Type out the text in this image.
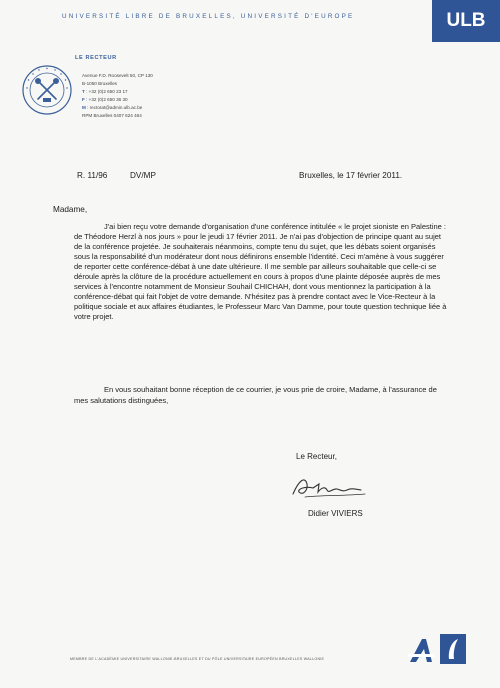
UNIVERSITÉ LIBRE DE BRUXELLES, UNIVERSITÉ D'EUROPE	ULB
LE RECTEUR
Avenue F.D. Roosevelt 50, CP 130
B-1050 Bruxelles
T : +32 (0)2 650 23 17
F : +32 (0)2 650 36 30
M : rectorat@admin.ulb.ac.be
RPM Bruxelles 0407 624 464
R. 11/96	DV/MP	Bruxelles, le 17 février 2011.
Madame,

J'ai bien reçu votre demande d'organisation d'une conférence intitulée « le projet sioniste en Palestine : de Théodore Herzl à nos jours » pour le jeudi 17 février 2011. Je n'ai pas d'objection de principe quant au sujet de la conférence projetée. Je souhaiterais néanmoins, compte tenu du sujet, que les débats soient organisés sous la responsabilité d'un modérateur dont nous définirons ensemble l'identité. Ceci m'amène à vous suggérer de reporter cette conférence-débat à une date ultérieure. Il me semble par ailleurs souhaitable que celle-ci se déroule après la clôture de la procédure actuellement en cours à propos d'une plainte déposée auprès de mes services à l'encontre notamment de Monsieur Souhail CHICHAH, dont vous mentionnez la participation à la conférence-débat qui fait l'objet de votre demande. N'hésitez pas à prendre contact avec le Vice-Recteur à la politique sociale et aux affaires étudiantes, le Professeur Marc Van Damme, pour toute question technique liée à votre projet.

En vous souhaitant bonne réception de ce courrier, je vous prie de croire, Madame, à l'assurance de mes salutations distinguées,

Le Recteur,
Didier VIVIERS
MEMBRE DE L'ACADÉMIE UNIVERSITAIRE WALLONIE-BRUXELLES ET DU PÔLE UNIVERSITAIRE EUROPÉEN BRUXELLES WALLONIE
